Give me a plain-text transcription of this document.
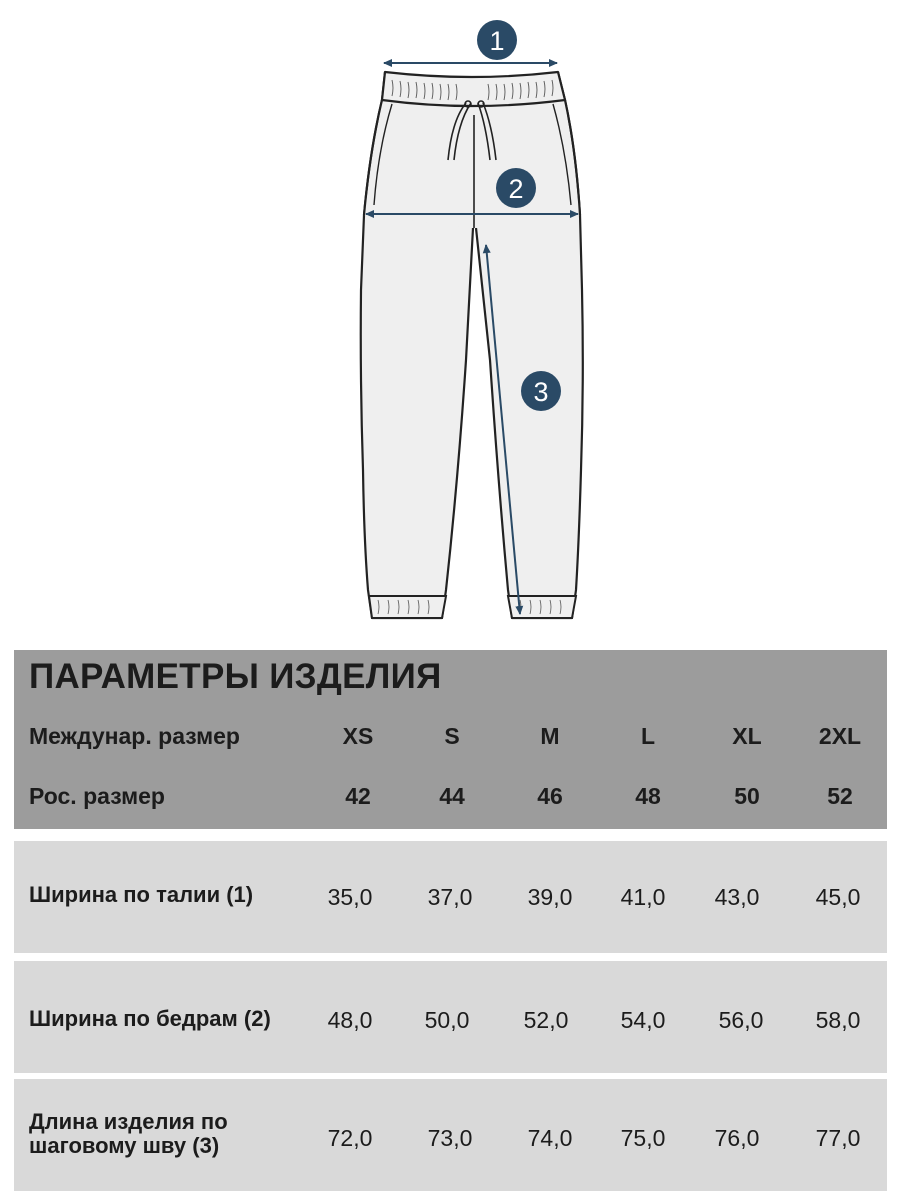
1
2
3
ПАРАМЕТРЫ ИЗДЕЛИЯ
Междунар. размер	XS	S	M	L	XL	2XL
Рос. размер	42	44	46	48	50	52
Ширина по талии (1)	35,0	37,0	39,0	41,0	43,0	45,0
Ширина по бедрам (2)	48,0	50,0	52,0	54,0	56,0	58,0
Длина изделия по
шаговому шву (3)	72,0	73,0	74,0	75,0	76,0	77,0
